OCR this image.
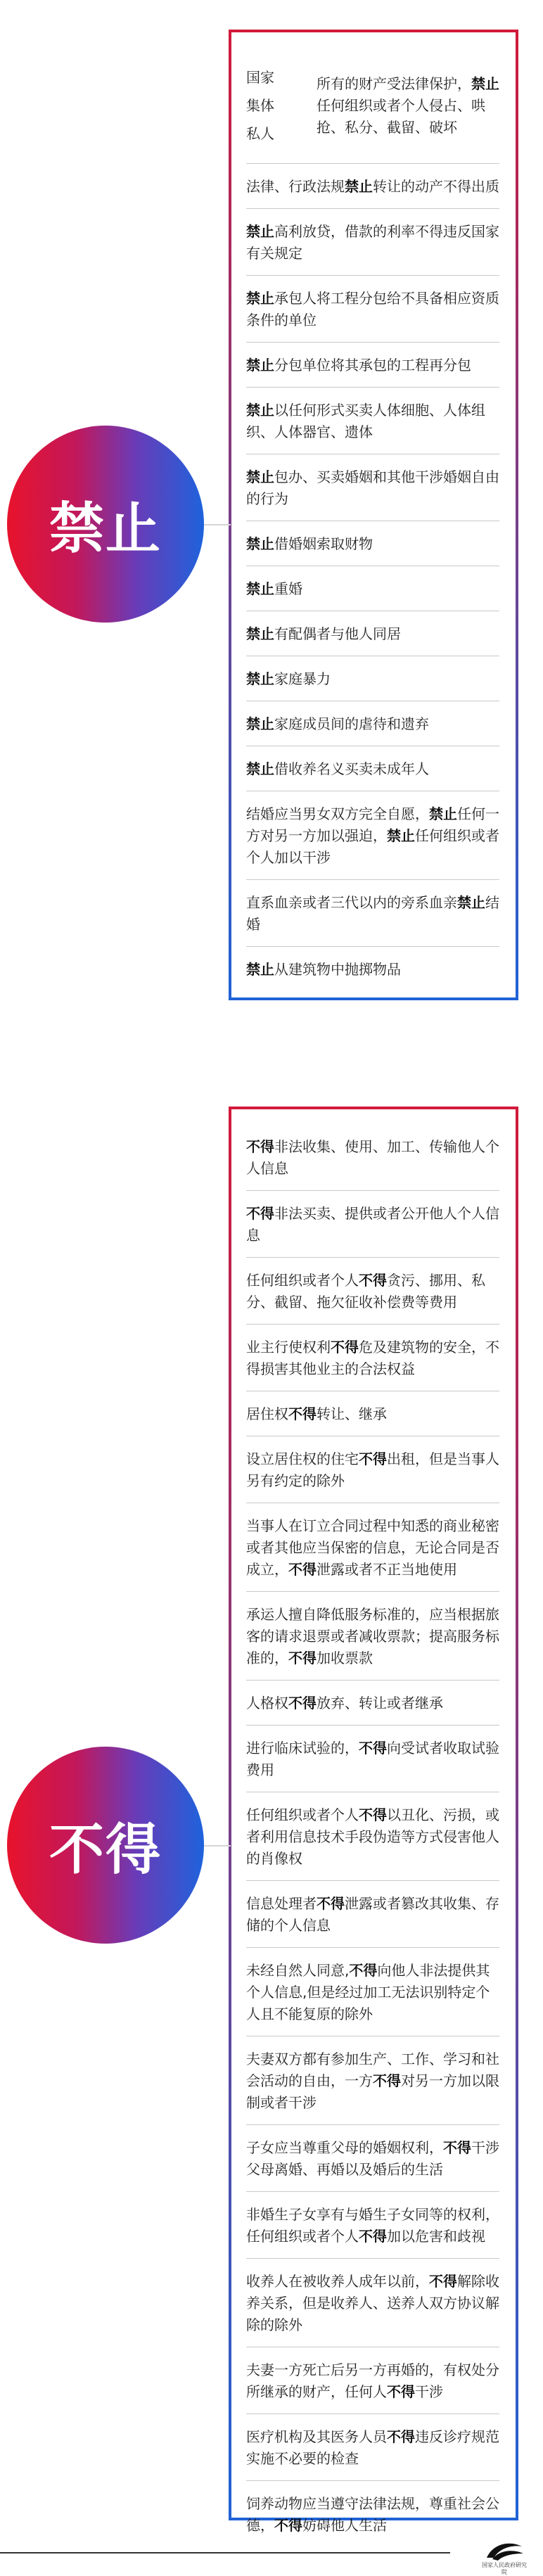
禁止
国家
集体
私人
所有的财产受法律保护，禁止任何组织或者个人侵占、哄抢、私分、截留、破坏
法律、行政法规禁止转让的动产不得出质
禁止高利放贷，借款的利率不得违反国家有关规定
禁止承包人将工程分包给不具备相应资质条件的单位
禁止分包单位将其承包的工程再分包
禁止以任何形式买卖人体细胞、人体组织、人体器官、遗体
禁止包办、买卖婚姻和其他干涉婚姻自由的行为
禁止借婚姻索取财物
禁止重婚
禁止有配偶者与他人同居
禁止家庭暴力
禁止家庭成员间的虐待和遗弃
禁止借收养名义买卖未成年人
结婚应当男女双方完全自愿，禁止任何一方对另一方加以强迫，禁止任何组织或者个人加以干涉
直系血亲或者三代以内的旁系血亲禁止结婚
禁止从建筑物中抛掷物品
不得
不得非法收集、使用、加工、传输他人个人信息
不得非法买卖、提供或者公开他人个人信息
任何组织或者个人不得贪污、挪用、私分、截留、拖欠征收补偿费等费用
业主行使权利不得危及建筑物的安全，不得损害其他业主的合法权益
居住权不得转让、继承
设立居住权的住宅不得出租，但是当事人另有约定的除外
当事人在订立合同过程中知悉的商业秘密或者其他应当保密的信息，无论合同是否成立，不得泄露或者不正当地使用
承运人擅自降低服务标准的，应当根据旅客的请求退票或者减收票款；提高服务标准的，不得加收票款
人格权不得放弃、转让或者继承
进行临床试验的，不得向受试者收取试验费用
任何组织或者个人不得以丑化、污损，或者利用信息技术手段伪造等方式侵害他人的肖像权
信息处理者不得泄露或者篡改其收集、存储的个人信息
未经自然人同意,不得向他人非法提供其个人信息,但是经过加工无法识别特定个人且不能复原的除外
夫妻双方都有参加生产、工作、学习和社会活动的自由，一方不得对另一方加以限制或者干涉
子女应当尊重父母的婚姻权利，不得干涉父母离婚、再婚以及婚后的生活
非婚生子女享有与婚生子女同等的权利，任何组织或者个人不得加以危害和歧视
收养人在被收养人成年以前，不得解除收养关系，但是收养人、送养人双方协议解除的除外
夫妻一方死亡后另一方再婚的，有权处分所继承的财产，任何人不得干涉
医疗机构及其医务人员不得违反诊疗规范实施不必要的检查
饲养动物应当遵守法律法规，尊重社会公德，不得妨碍他人生活
国家人民政府研究院
